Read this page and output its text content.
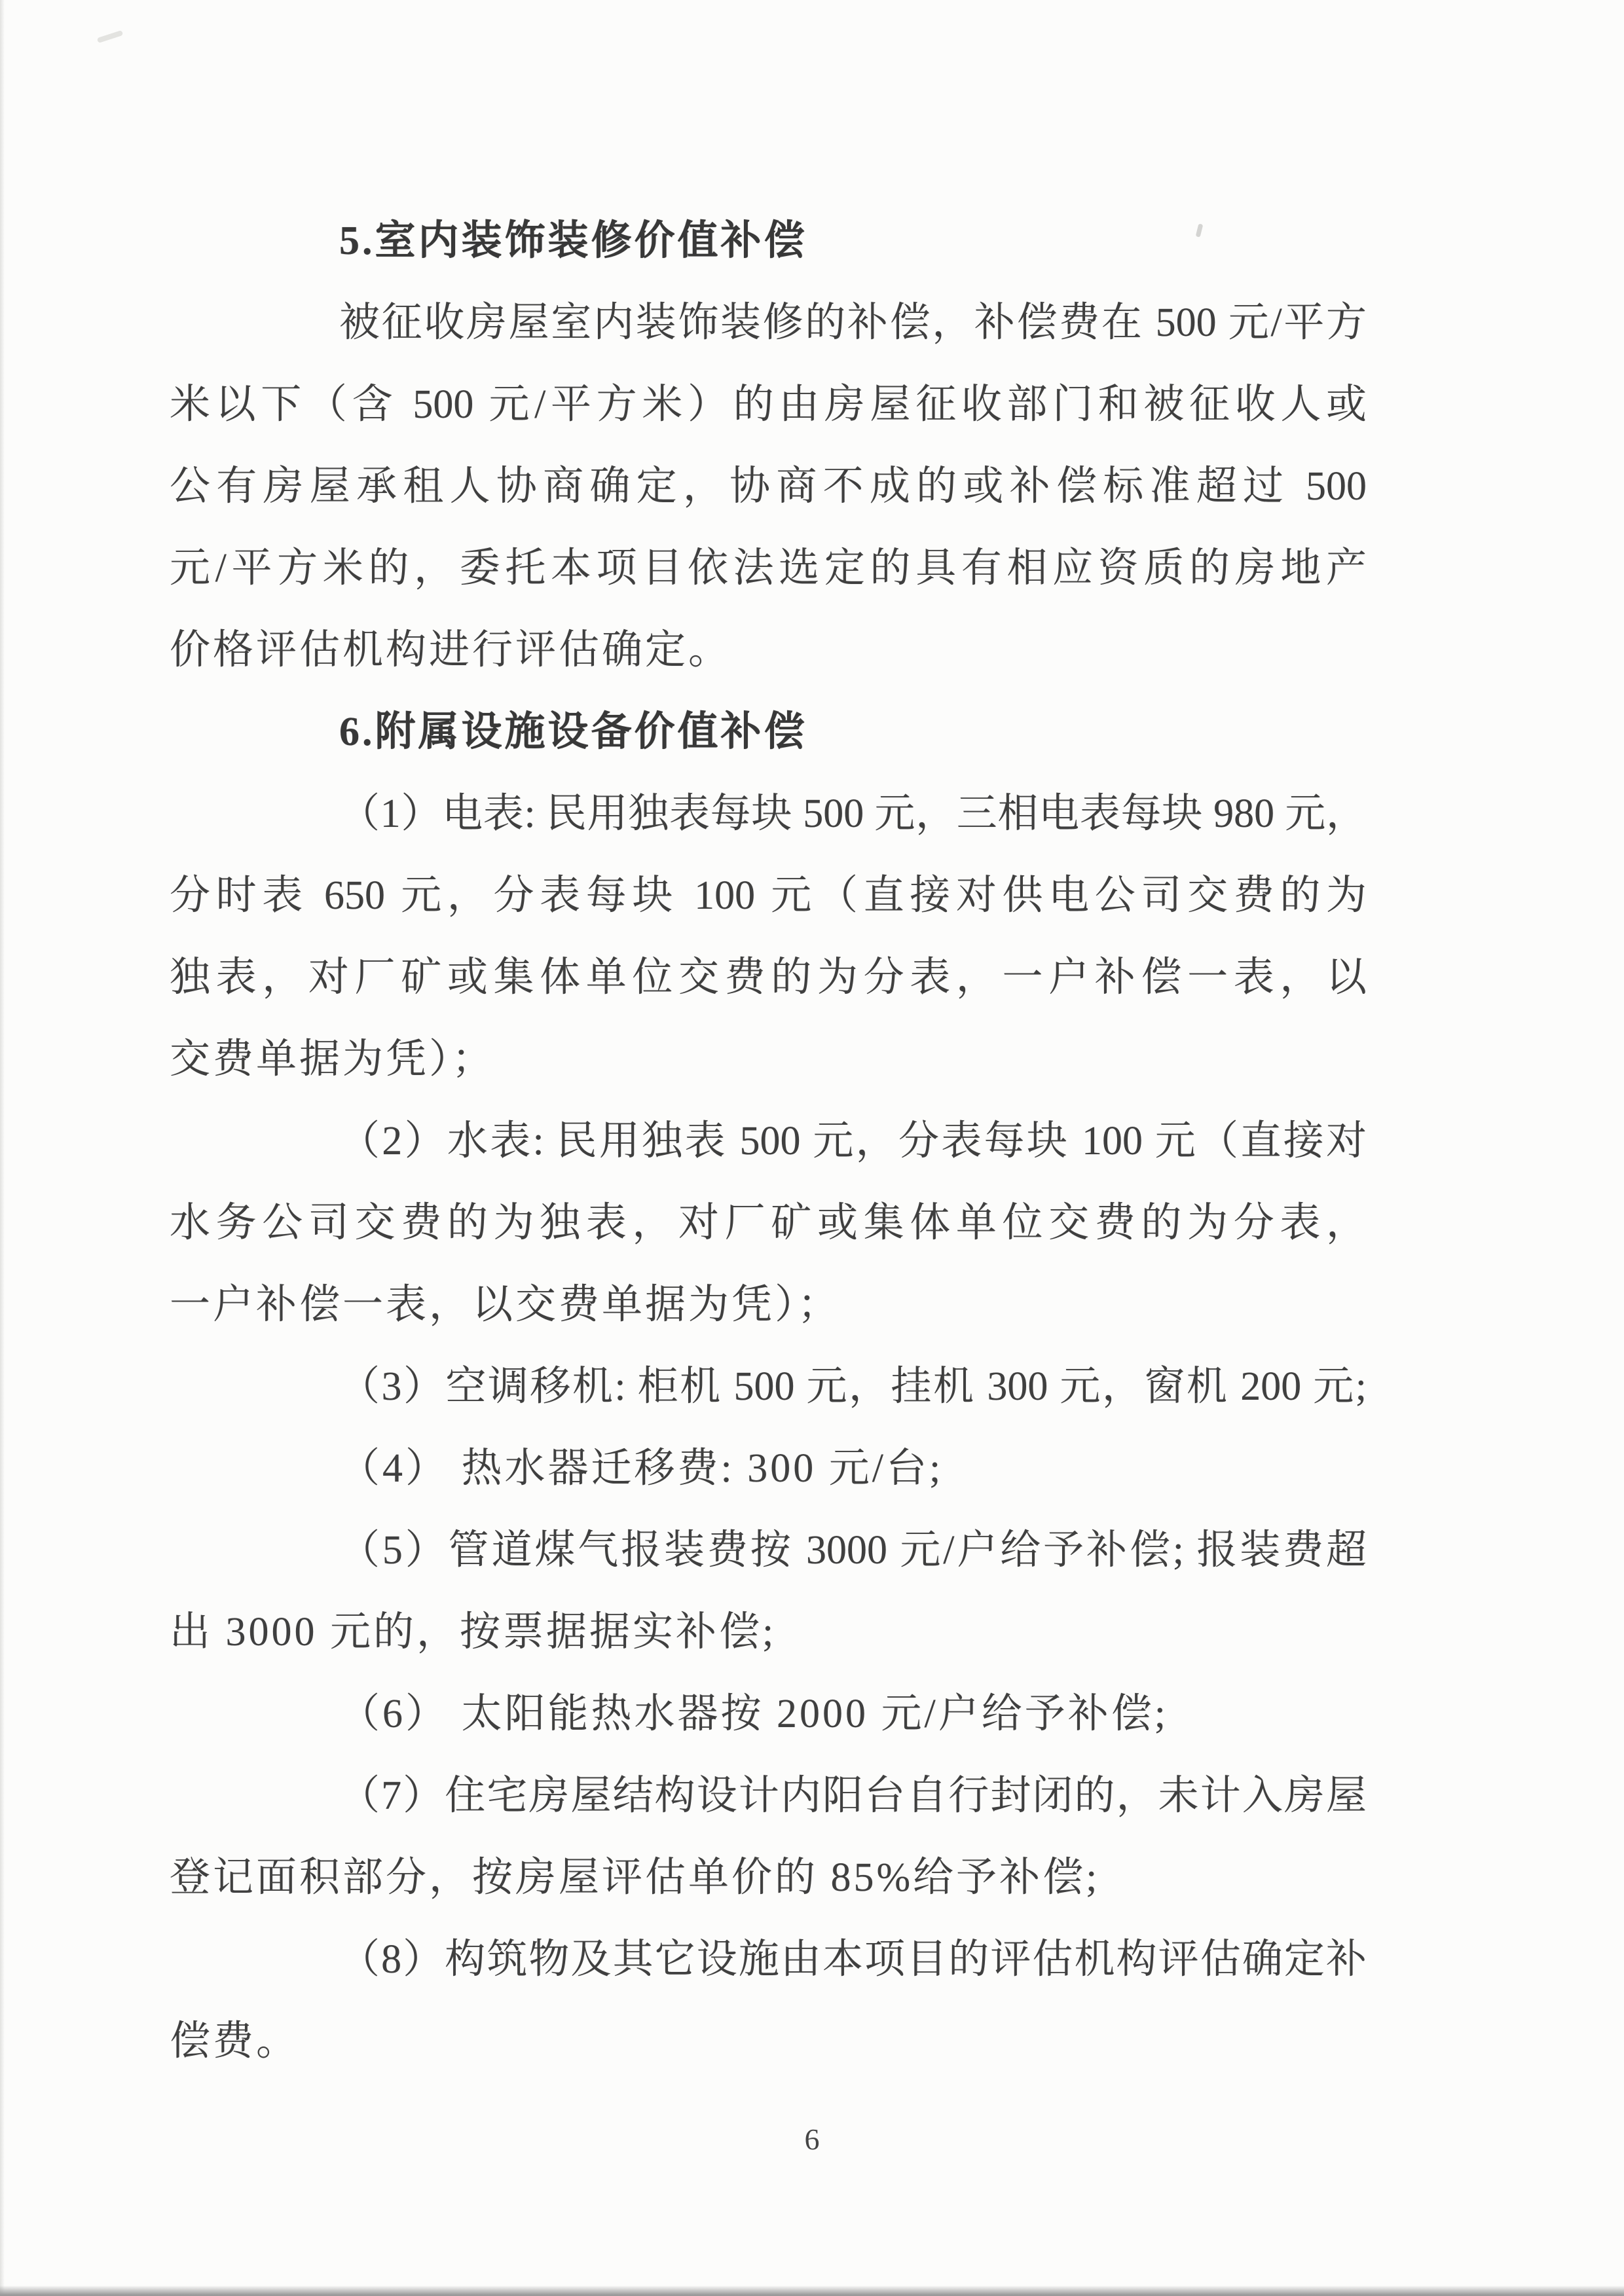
5.室内装饰装修价值补偿
被征收房屋室内装饰装修的补偿，补偿费在 500 元/平方
米以下（含 500 元/平方米）的由房屋征收部门和被征收人或
公有房屋承租人协商确定，协商不成的或补偿标准超过 500
元/平方米的，委托本项目依法选定的具有相应资质的房地产
价格评估机构进行评估确定。
6.附属设施设备价值补偿
（1）电表: 民用独表每块 500 元，三相电表每块 980 元，
分时表 650 元，分表每块 100 元（直接对供电公司交费的为
独表，对厂矿或集体单位交费的为分表，一户补偿一表，以
交费单据为凭）；
（2）水表: 民用独表 500 元，分表每块 100 元（直接对
水务公司交费的为独表，对厂矿或集体单位交费的为分表，
一户补偿一表，以交费单据为凭）；
（3）空调移机: 柜机 500 元，挂机 300 元，窗机 200 元;
（4） 热水器迁移费: 300 元/台;
（5）管道煤气报装费按 3000 元/户给予补偿; 报装费超
出 3000 元的，按票据据实补偿;
（6） 太阳能热水器按 2000 元/户给予补偿;
（7）住宅房屋结构设计内阳台自行封闭的，未计入房屋
登记面积部分，按房屋评估单价的 85%给予补偿;
（8）构筑物及其它设施由本项目的评估机构评估确定补
偿费。
6
